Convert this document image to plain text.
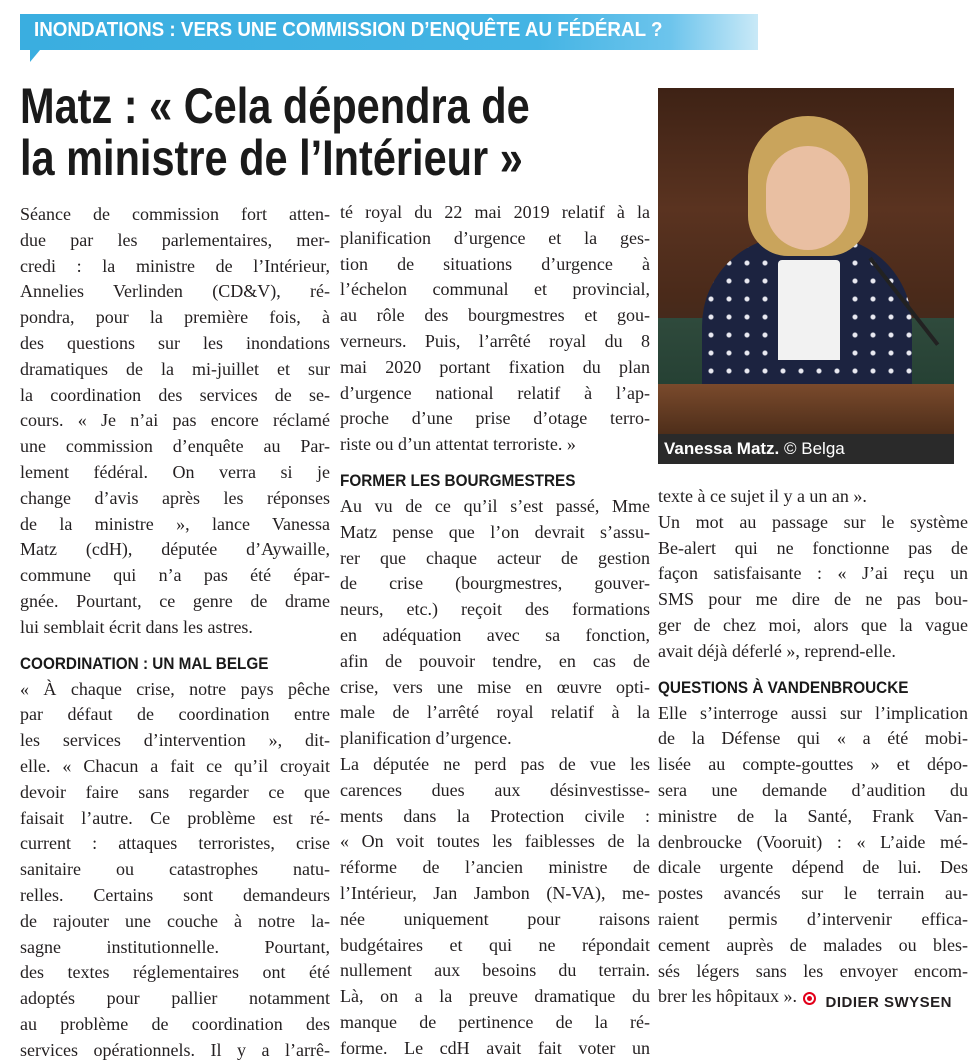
INONDATIONS : VERS UNE COMMISSION D’ENQUÊTE AU FÉDÉRAL ?
Matz : « Cela dépendra de
la ministre de l’Intérieur »
Vanessa Matz. © Belga
Séance de commission fort atten-
due par les parlementaires, mer-
credi : la ministre de l’Intérieur,
Annelies Verlinden (CD&V), ré-
pondra, pour la première fois, à
des questions sur les inondations
dramatiques de la mi-juillet et sur
la coordination des services de se-
cours. « Je n’ai pas encore réclamé
une commission d’enquête au Par-
lement fédéral. On verra si je
change d’avis après les réponses
de la ministre », lance Vanessa
Matz (cdH), députée d’Aywaille,
commune qui n’a pas été épar-
gnée. Pourtant, ce genre de drame
lui semblait écrit dans les astres.
COORDINATION : UN MAL BELGE
« À chaque crise, notre pays pêche
par défaut de coordination entre
les services d’intervention », dit-
elle. « Chacun a fait ce qu’il croyait
devoir faire sans regarder ce que
faisait l’autre. Ce problème est ré-
current : attaques terroristes, crise
sanitaire ou catastrophes natu-
relles. Certains sont demandeurs
de rajouter une couche à notre la-
sagne institutionnelle. Pourtant,
des textes réglementaires ont été
adoptés pour pallier notamment
au problème de coordination des
services opérationnels. Il y a l’arrê-
té royal du 22 mai 2019 relatif à la
planification d’urgence et la ges-
tion de situations d’urgence à
l’échelon communal et provincial,
au rôle des bourgmestres et gou-
verneurs. Puis, l’arrêté royal du 8
mai 2020 portant fixation du plan
d’urgence national relatif à l’ap-
proche d’une prise d’otage terro-
riste ou d’un attentat terroriste. »
FORMER LES BOURGMESTRES
Au vu de ce qu’il s’est passé, Mme
Matz pense que l’on devrait s’assu-
rer que chaque acteur de gestion
de crise (bourgmestres, gouver-
neurs, etc.) reçoit des formations
en adéquation avec sa fonction,
afin de pouvoir tendre, en cas de
crise, vers une mise en œuvre opti-
male de l’arrêté royal relatif à la
planification d’urgence.
La députée ne perd pas de vue les
carences dues aux désinvestisse-
ments dans la Protection civile :
« On voit toutes les faiblesses de la
réforme de l’ancien ministre de
l’Intérieur, Jan Jambon (N-VA), me-
née uniquement pour raisons
budgétaires et qui ne répondait
nullement aux besoins du terrain.
Là, on a la preuve dramatique du
manque de pertinence de la ré-
forme. Le cdH avait fait voter un
texte à ce sujet il y a un an ».
Un mot au passage sur le système
Be-alert qui ne fonctionne pas de
façon satisfaisante : « J’ai reçu un
SMS pour me dire de ne pas bou-
ger de chez moi, alors que la vague
avait déjà déferlé », reprend-elle.
QUESTIONS À VANDENBROUCKE
Elle s’interroge aussi sur l’implication
de la Défense qui « a été mobi-
lisée au compte-gouttes » et dépo-
sera une demande d’audition du
ministre de la Santé, Frank Van-
denbroucke (Vooruit) : « L’aide mé-
dicale urgente dépend de lui. Des
postes avancés sur le terrain au-
raient permis d’intervenir effica-
cement auprès de malades ou bles-
sés légers sans les envoyer encom-
brer les hôpitaux ».	DIDIER SWYSEN
